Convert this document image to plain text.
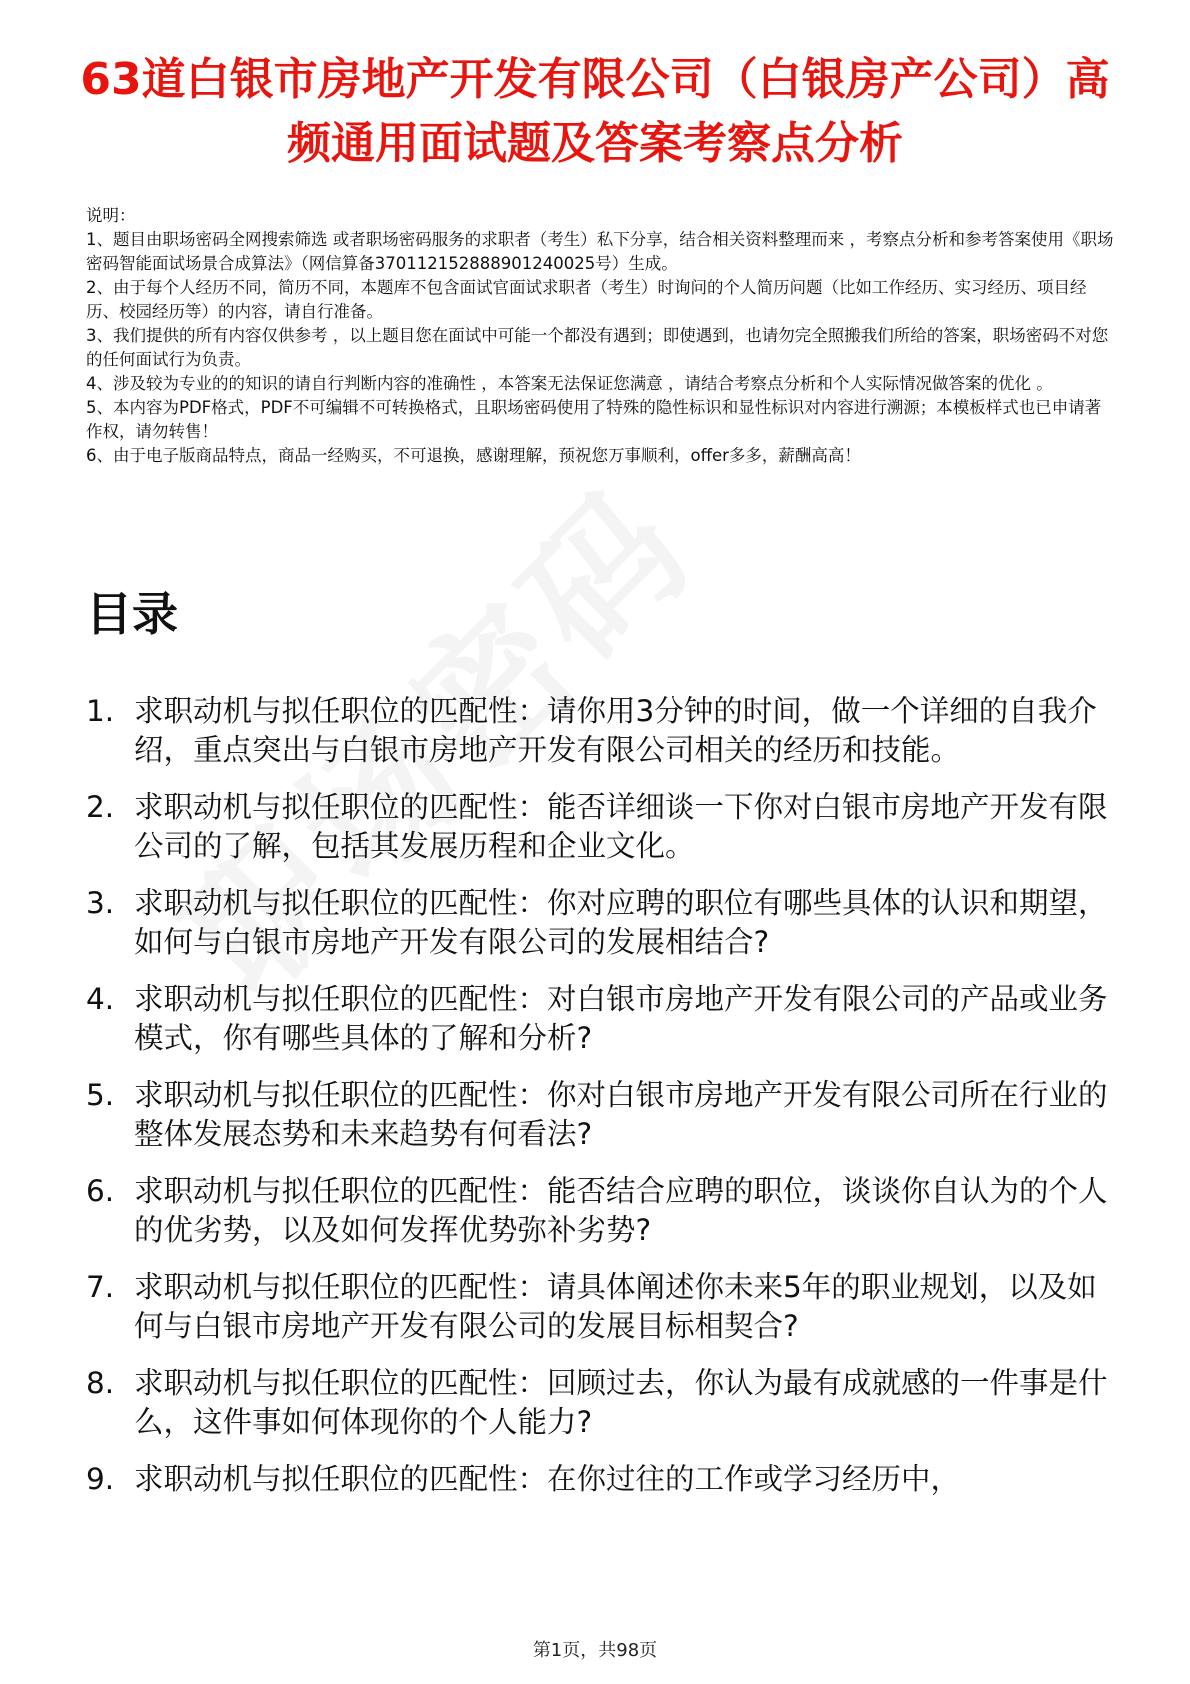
63道白银市房地产开发有限公司（白银房产公司）高频通用面试题及答案考察点分析

说明：

1、题目由职场密码全网搜索筛选 或者职场密码服务的求职者（考生）私下分享，结合相关资料整理而来 ，考察点分析和参考答案使用《职场密码智能面试场景合成算法》（网信算备370112152888901240025号）生成。

2、由于每个人经历不同，简历不同，本题库不包含面试官面试求职者（考生）时询问的个人简历问题（比如工作经历、实习经历、项目经历、校园经历等）的内容，请自行准备。

3、我们提供的所有内容仅供参考 ，以上题目您在面试中可能一个都没有遇到；即使遇到，也请勿完全照搬我们所给的答案，职场密码不对您的任何面试行为负责。

4、涉及较为专业的的知识的请自行判断内容的准确性 ，本答案无法保证您满意 ，请结合考察点分析和个人实际情况做答案的优化 。

5、本内容为PDF格式，PDF不可编辑不可转换格式，且职场密码使用了特殊的隐性标识和显性标识对内容进行溯源；本模板样式也已申请著作权，请勿转售！

6、由于电子版商品特点，商品一经购买，不可退换，感谢理解，预祝您万事顺利，offer多多，薪酬高高！

目录
1. 求职动机与拟任职位的匹配性：请你用3分钟的时间，做一个详细的自我介绍，重点突出与白银市房地产开发有限公司相关的经历和技能。
2. 求职动机与拟任职位的匹配性：能否详细谈一下你对白银市房地产开发有限公司的了解，包括其发展历程和企业文化。
3. 求职动机与拟任职位的匹配性：你对应聘的职位有哪些具体的认识和期望，如何与白银市房地产开发有限公司的发展相结合?
4. 求职动机与拟任职位的匹配性：对白银市房地产开发有限公司的产品或业务模式，你有哪些具体的了解和分析?
5. 求职动机与拟任职位的匹配性：你对白银市房地产开发有限公司所在行业的整体发展态势和未来趋势有何看法?
6. 求职动机与拟任职位的匹配性：能否结合应聘的职位，谈谈你自认为的个人的优劣势，以及如何发挥优势弥补劣势?
7. 求职动机与拟任职位的匹配性：请具体阐述你未来5年的职业规划，以及如何与白银市房地产开发有限公司的发展目标相契合?
8. 求职动机与拟任职位的匹配性：回顾过去，你认为最有成就感的一件事是什么，这件事如何体现你的个人能力?
9. 求职动机与拟任职位的匹配性：在你过往的工作或学习经历中，
第1页，共98页
